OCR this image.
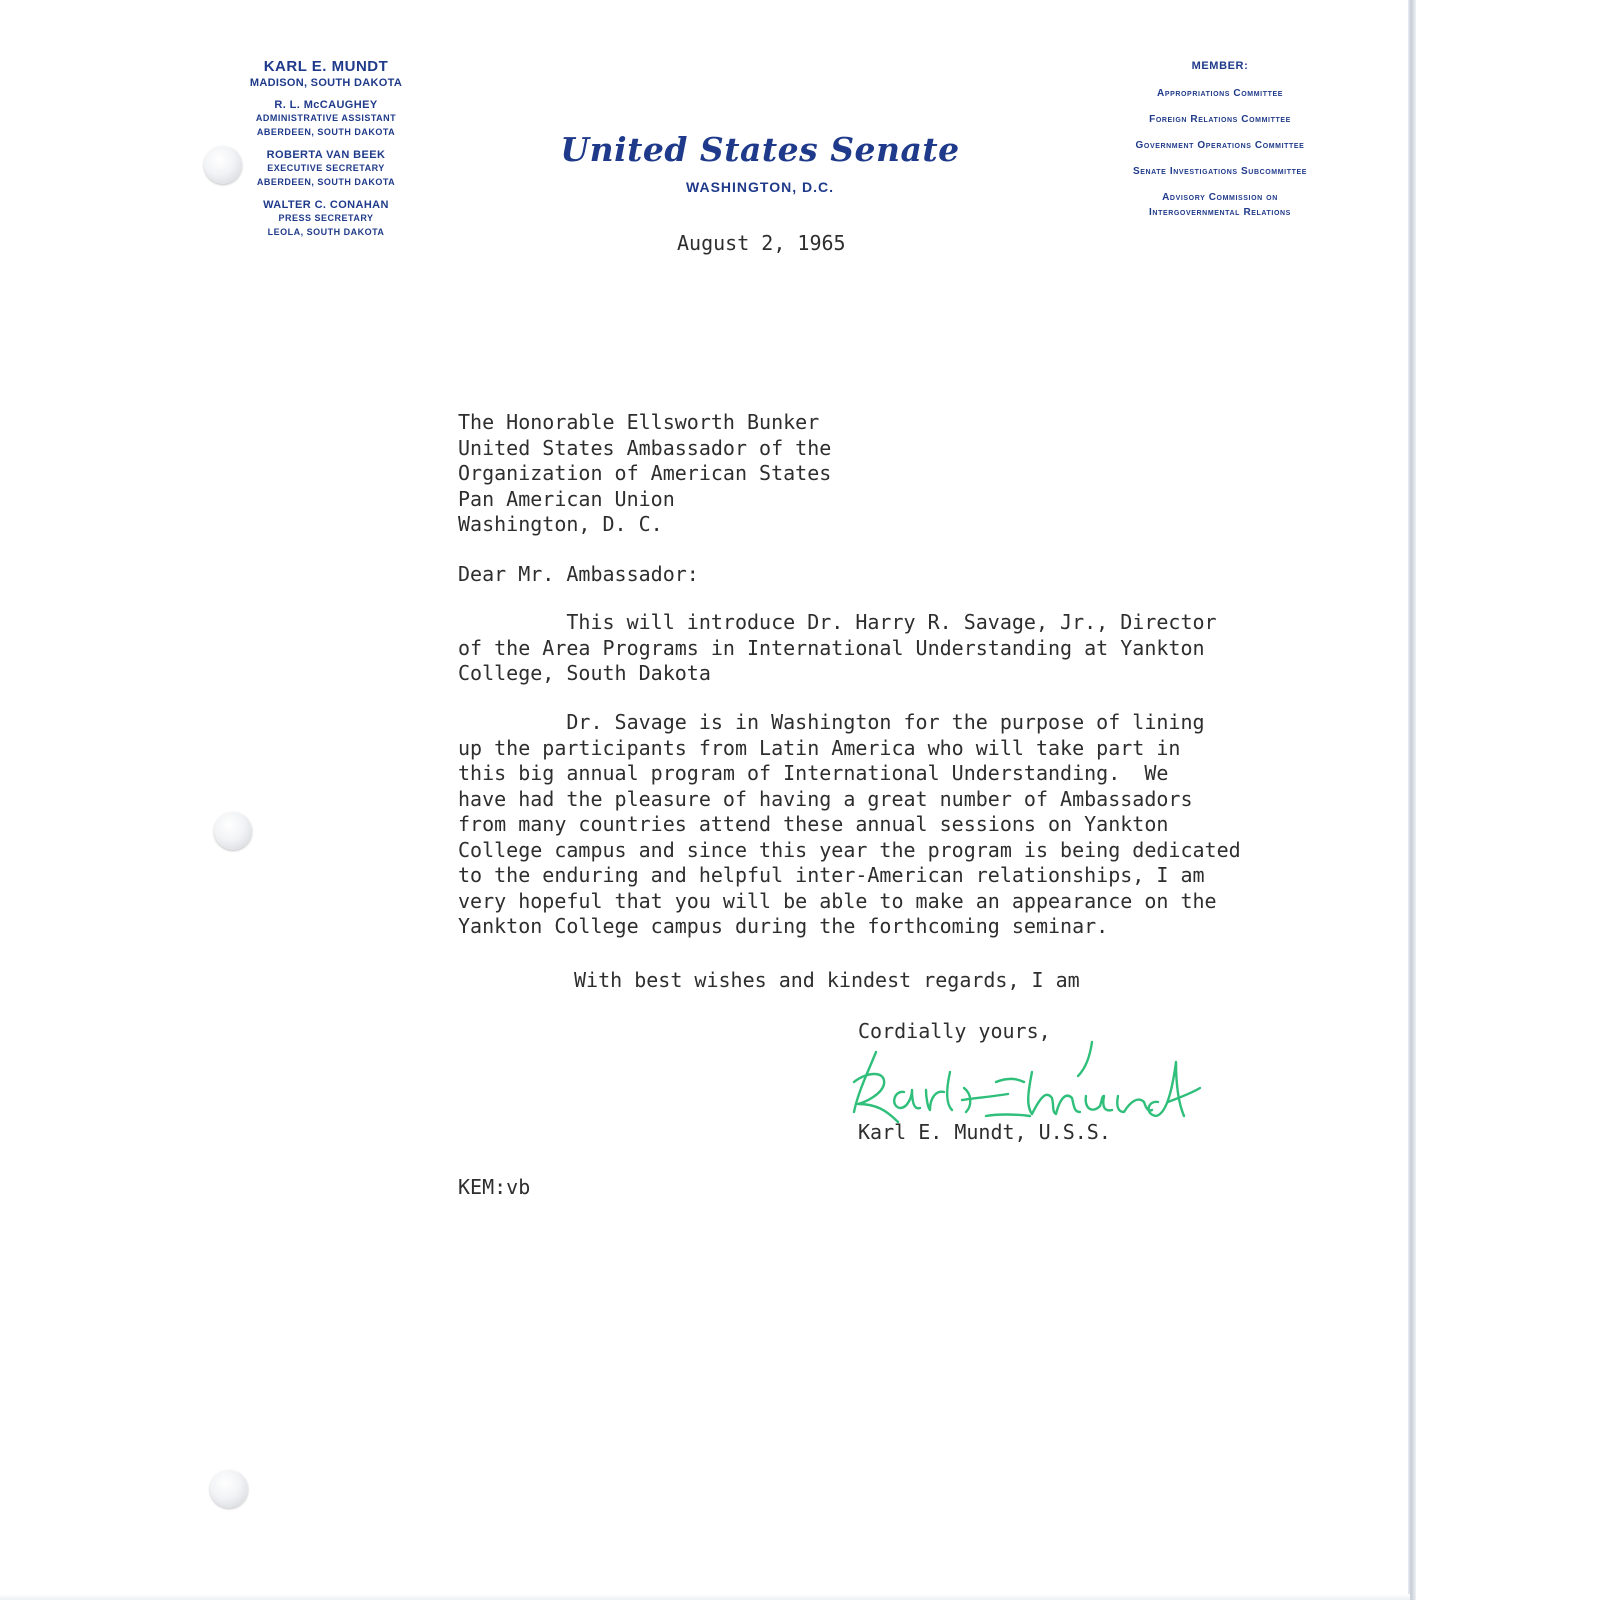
KARL E. MUNDT
MADISON, SOUTH DAKOTA
R. L. McCAUGHEY
ADMINISTRATIVE ASSISTANT
ABERDEEN, SOUTH DAKOTA
ROBERTA VAN BEEK
EXECUTIVE SECRETARY
ABERDEEN, SOUTH DAKOTA
WALTER C. CONAHAN
PRESS SECRETARY
LEOLA, SOUTH DAKOTA
United States Senate
WASHINGTON, D.C.
MEMBER:
Appropriations Committee
Foreign Relations Committee
Government Operations Committee
Senate Investigations Subcommittee
Advisory Commission on Intergovernmental Relations
August 2, 1965
The Honorable Ellsworth Bunker
United States Ambassador of the
Organization of American States
Pan American Union
Washington, D. C.
Dear Mr. Ambassador:
This will introduce Dr. Harry R. Savage, Jr., Director
of the Area Programs in International Understanding at Yankton
College, South Dakota
Dr. Savage is in Washington for the purpose of lining
up the participants from Latin America who will take part in
this big annual program of International Understanding.  We
have had the pleasure of having a great number of Ambassadors
from many countries attend these annual sessions on Yankton
College campus and since this year the program is being dedicated
to the enduring and helpful inter-American relationships, I am
very hopeful that you will be able to make an appearance on the
Yankton College campus during the forthcoming seminar.
With best wishes and kindest regards, I am
Cordially yours,
Karl E. Mundt, U.S.S.
KEM:vb
